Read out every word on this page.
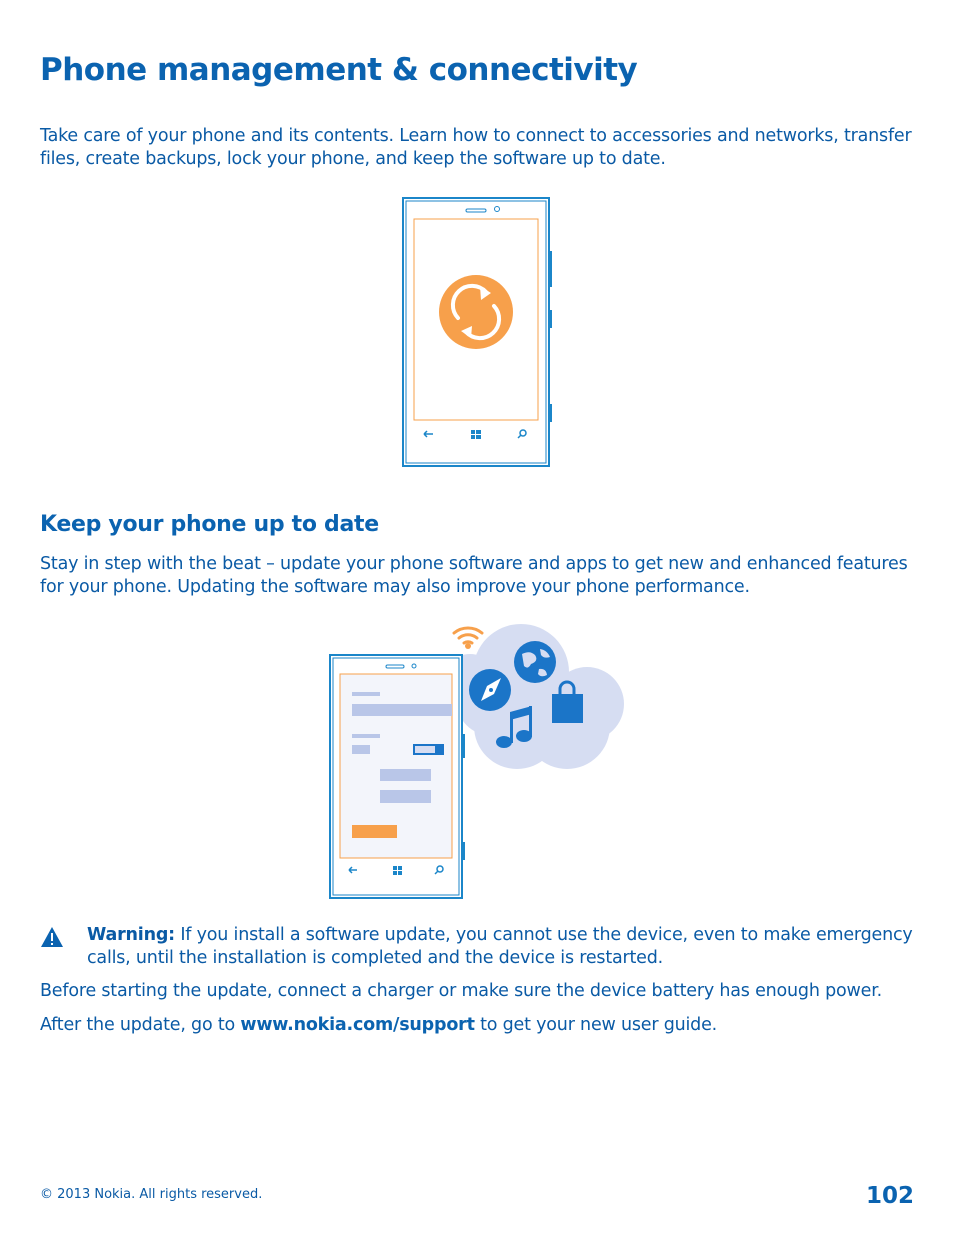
Phone management & connectivity

Take care of your phone and its contents. Learn how to connect to accessories and networks, transfer files, create backups, lock your phone, and keep the software up to date.

Keep your phone up to date

Stay in step with the beat – update your phone software and apps to get new and enhanced features for your phone. Updating the software may also improve your phone performance.

Warning: If you install a software update, you cannot use the device, even to make emergency calls, until the installation is completed and the device is restarted.

Before starting the update, connect a charger or make sure the device battery has enough power.

After the update, go to www.nokia.com/support to get your new user guide.

© 2013 Nokia. All rights reserved.	102
